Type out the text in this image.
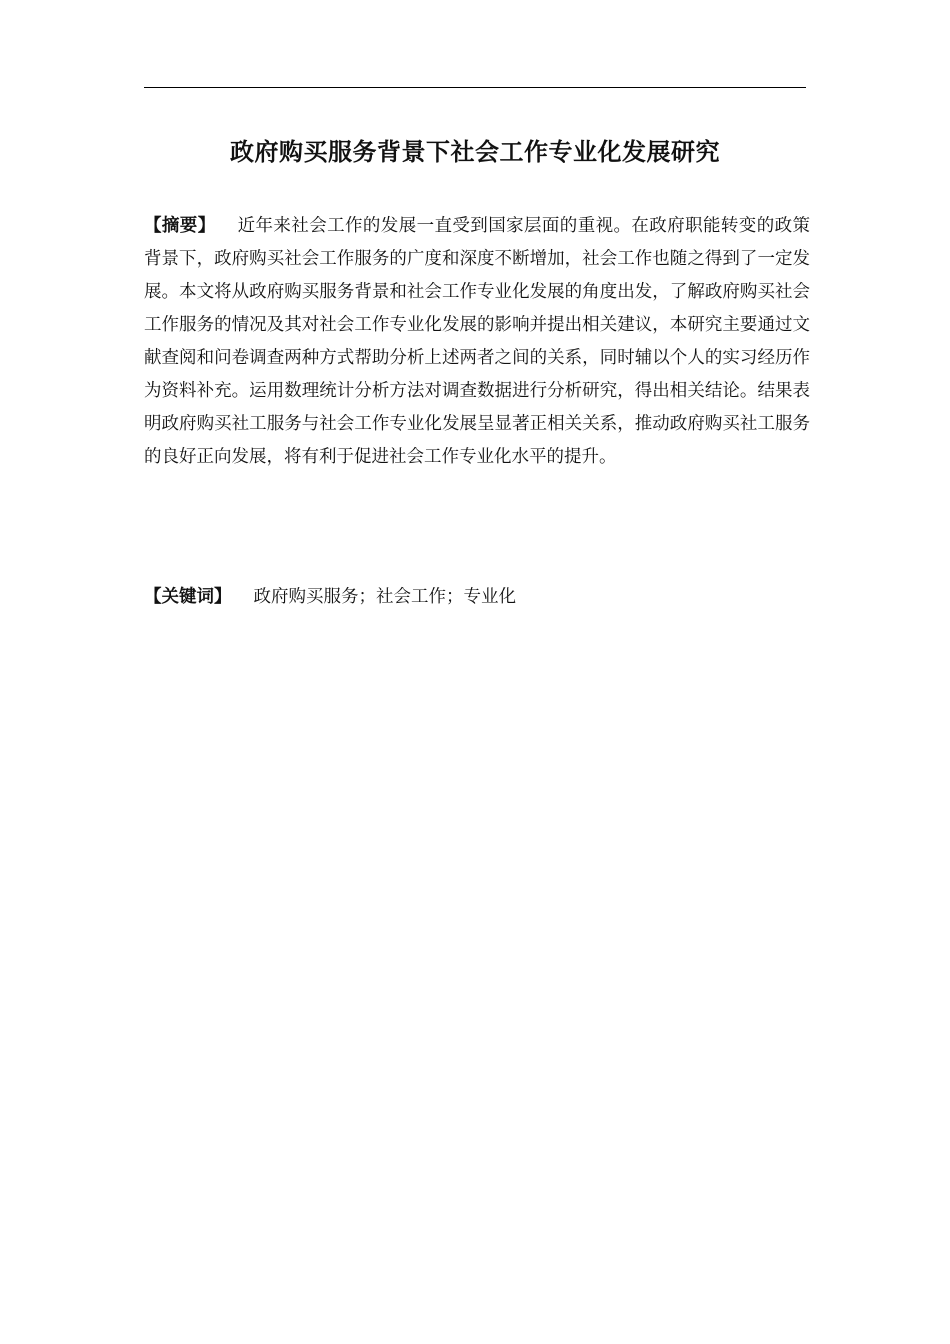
政府购买服务背景下社会工作专业化发展研究

【摘要】 近年来社会工作的发展一直受到国家层面的重视。在政府职能转变的政策背景下，政府购买社会工作服务的广度和深度不断增加，社会工作也随之得到了一定发展。本文将从政府购买服务背景和社会工作专业化发展的角度出发，了解政府购买社会工作服务的情况及其对社会工作专业化发展的影响并提出相关建议，本研究主要通过文献查阅和问卷调查两种方式帮助分析上述两者之间的关系，同时辅以个人的实习经历作为资料补充。运用数理统计分析方法对调查数据进行分析研究，得出相关结论。结果表明政府购买社工服务与社会工作专业化发展呈显著正相关关系，推动政府购买社工服务的良好正向发展，将有利于促进社会工作专业化水平的提升。

【关键词】 政府购买服务；社会工作；专业化
